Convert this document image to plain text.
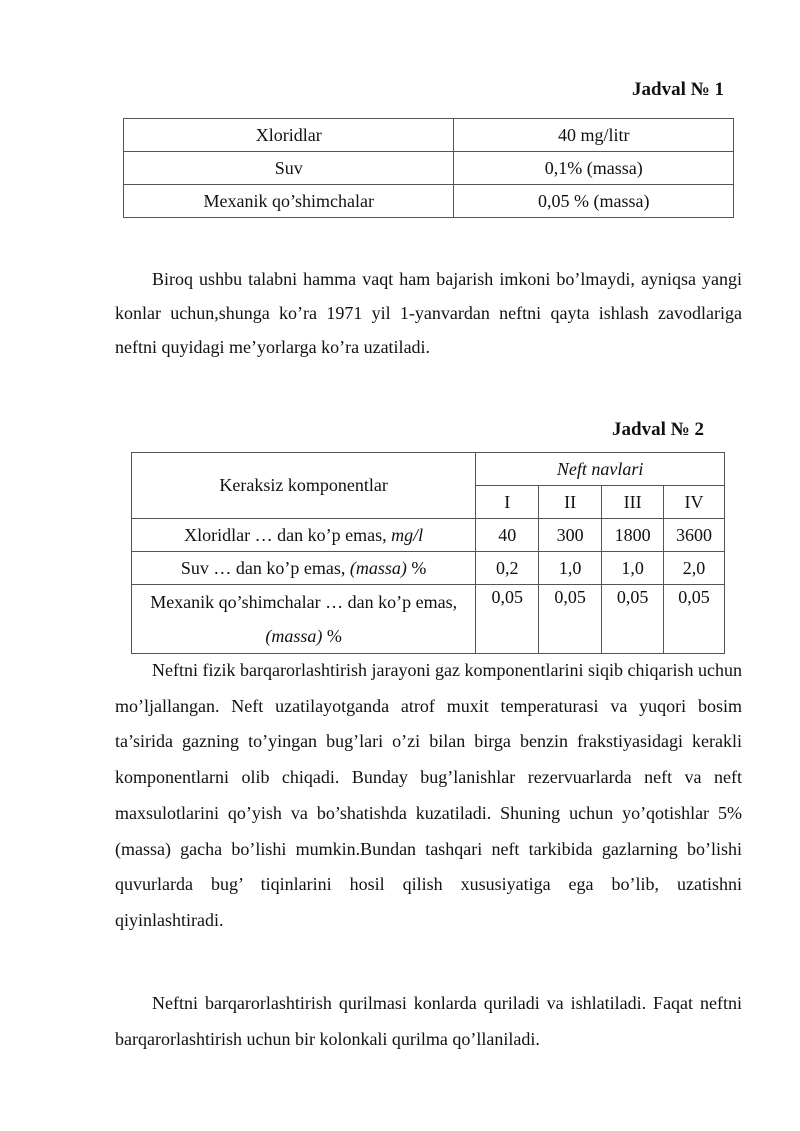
Jadval № 1
Xloridlar	40 mg/litr
Suv	0,1% (massa)
Mexanik qo’shimchalar	0,05 % (massa)

Biroq ushbu talabni hamma vaqt ham bajarish imkoni bo’lmaydi, ayniqsa yangi konlar uchun,shunga ko’ra 1971 yil 1-yanvardan neftni qayta ishlash zavodlariga neftni quyidagi me’yorlarga ko’ra uzatiladi.

Jadval № 2
Keraksiz komponentlar	Neft navlari			
	I	II	III	IV
Xloridlar … dan ko’p emas, mg/l	40	300	1800	3600
Suv … dan ko’p emas, (massa) %	0,2	1,0	1,0	2,0
Mexanik qo’shimchalar … dan ko’p emas, (massa) %	0,05	0,05	0,05	0,05

Neftni fizik barqarorlashtirish jarayoni gaz komponentlarini siqib chiqarish uchun mo’ljallangan. Neft uzatilayotganda atrof muxit temperaturasi va yuqori bosim ta’sirida gazning to’yingan bug’lari o’zi bilan birga benzin frakstiyasidagi kerakli komponentlarni olib chiqadi. Bunday bug’lanishlar rezervuarlarda neft va neft maxsulotlarini qo’yish va bo’shatishda kuzatiladi. Shuning uchun yo’qotishlar 5% (massa) gacha bo’lishi mumkin.Bundan tashqari neft tarkibida gazlarning bo’lishi quvurlarda bug’ tiqinlarini hosil qilish xususiyatiga ega bo’lib, uzatishni qiyinlashtiradi.

Neftni barqarorlashtirish qurilmasi konlarda quriladi va ishlatiladi. Faqat neftni barqarorlashtirish uchun bir kolonkali qurilma qo’llaniladi.
